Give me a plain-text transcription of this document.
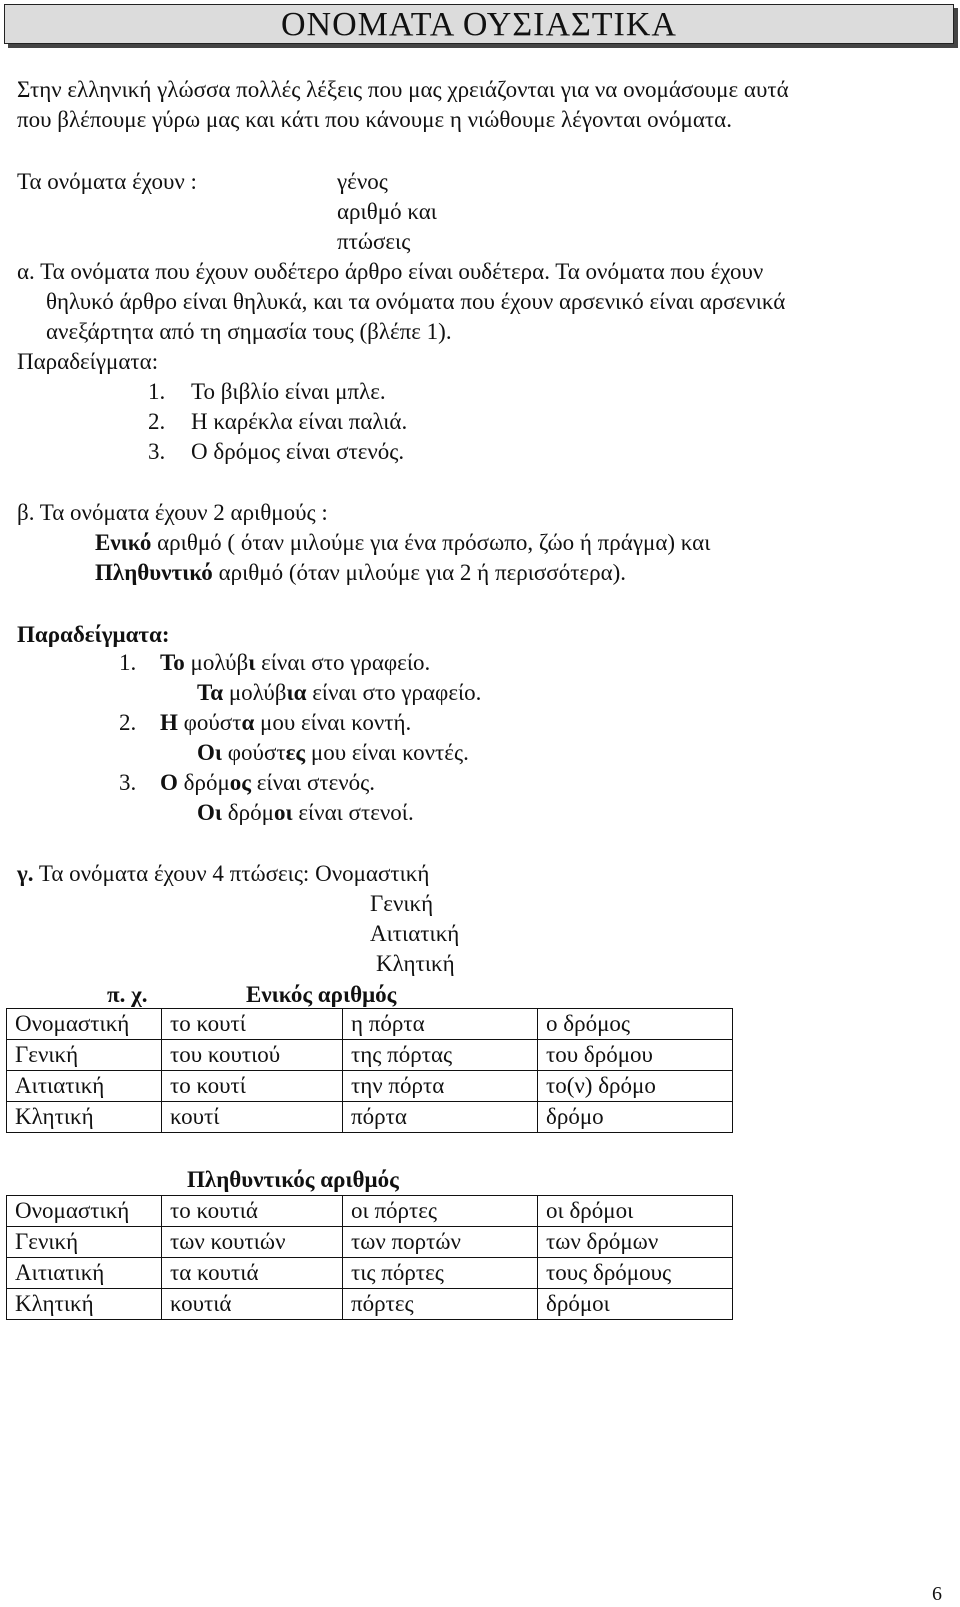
ΟΝΟΜΑΤΑ ΟΥΣΙΑΣΤΙΚΑ
Στην ελληνική γλώσσα πολλές λέξεις που μας χρειάζονται για να ονομάσουμε αυτά
που βλέπουμε γύρω μας και κάτι που κάνουμε η νιώθουμε λέγονται ονόματα.
Τα ονόματα έχουν :	γένος
αριθμό και
πτώσεις
α. Τα ονόματα που έχουν ουδέτερο άρθρο είναι ουδέτερα. Τα ονόματα που έχουν
θηλυκό άρθρο είναι θηλυκά, και τα ονόματα που έχουν αρσενικό είναι αρσενικά
ανεξάρτητα από τη σημασία τους (βλέπε 1).
Παραδείγματα:
1. Το βιβλίο είναι μπλε.
2. Η καρέκλα είναι παλιά.
3. Ο δρόμος είναι στενός.
β. Τα ονόματα έχουν 2 αριθμούς :
Ενικό αριθμό ( όταν μιλούμε για ένα πρόσωπο, ζώο ή πράγμα) και
Πληθυντικό αριθμό (όταν μιλούμε για 2 ή περισσότερα).
Παραδείγματα:
1. Το μολύβι είναι στο γραφείο.
Τα μολύβια είναι στο γραφείο.
2. Η φούστα μου είναι κοντή.
Οι φούστες μου είναι κοντές.
3. Ο δρόμος είναι στενός.
Οι δρόμοι είναι στενοί.
γ. Τα ονόματα έχουν 4 πτώσεις: Ονομαστική
Γενική
Αιτιατική
Κλητική
π. χ.	Ενικός αριθμός
Ονομαστική	το κουτί	η πόρτα	ο δρόμος
Γενική	του κουτιού	της πόρτας	του δρόμου
Αιτιατική	το κουτί	την πόρτα	το(ν) δρόμο
Κλητική	κουτί	πόρτα	δρόμο
Πληθυντικός αριθμός
Ονομαστική	το κουτιά	οι πόρτες	οι δρόμοι
Γενική	των κουτιών	των πορτών	των δρόμων
Αιτιατική	τα κουτιά	τις πόρτες	τους δρόμους
Κλητική	κουτιά	πόρτες	δρόμοι
6
